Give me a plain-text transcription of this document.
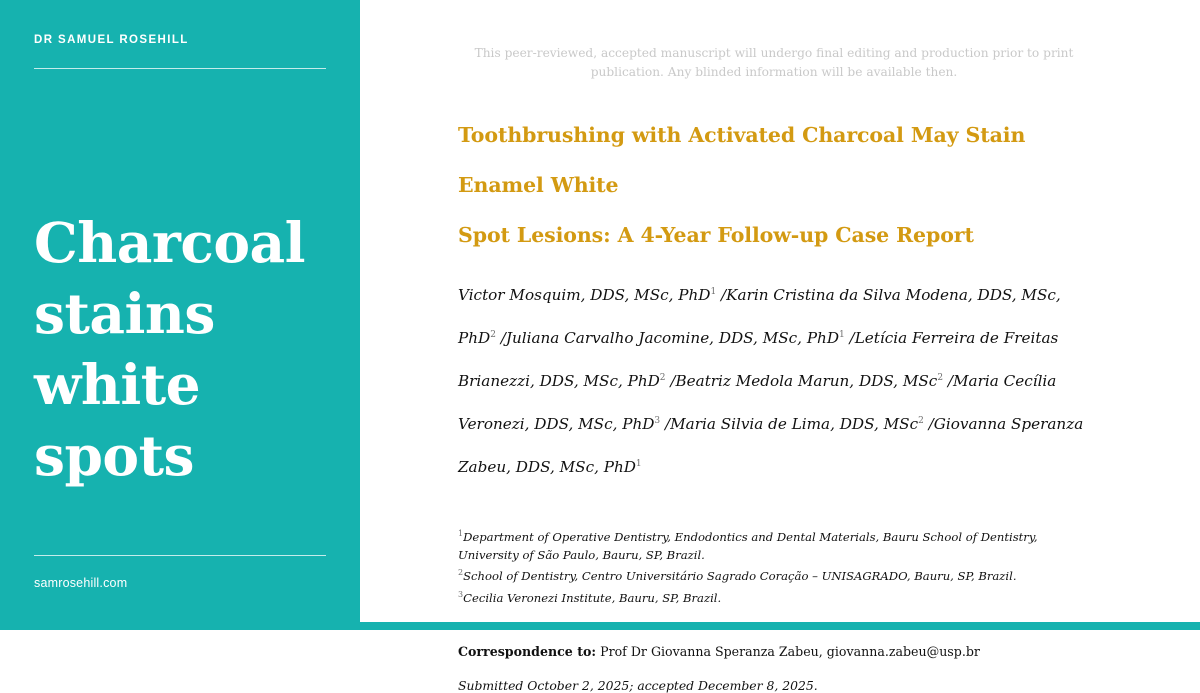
DR SAMUEL ROSEHILL
Charcoal stains white spots
samrosehill.com

This peer-reviewed, accepted manuscript will undergo final editing and production prior to print publication. Any blinded information will be available then.

Toothbrushing with Activated Charcoal May Stain Enamel White
Spot Lesions: A 4-Year Follow-up Case Report

Victor Mosquim, DDS, MSc, PhD$^1$ /Karin Cristina da Silva Modena, DDS, MSc, PhD$^2$ /Juliana Carvalho Jacomine, DDS, MSc, PhD$^1$ /Letícia Ferreira de Freitas Brianezzi, DDS, MSc, PhD$^2$ /Beatriz Medola Marun, DDS, MSc$^2$ /Maria Cecília Veronezi, DDS, MSc, PhD$^3$ /Maria Silvia de Lima, DDS, MSc$^2$ /Giovanna Speranza Zabeu, DDS, MSc, PhD$^1$

$^1$Department of Operative Dentistry, Endodontics and Dental Materials, Bauru School of Dentistry, University of São Paulo, Bauru, SP, Brazil.
$^2$School of Dentistry, Centro Universitário Sagrado Coração – UNISAGRADO, Bauru, SP, Brazil.
$^3$Cecilia Veronezi Institute, Bauru, SP, Brazil.

Correspondence to: Prof Dr Giovanna Speranza Zabeu, giovanna.zabeu@usp.br

Submitted October 2, 2025; accepted December 8, 2025.
